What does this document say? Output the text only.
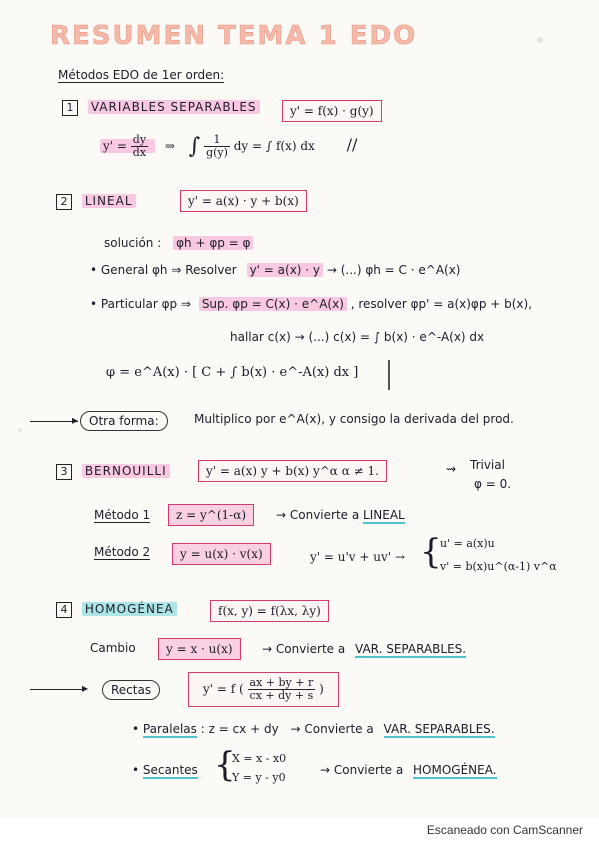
RESUMEN TEMA 1 EDO
Métodos EDO de 1er orden:
1 VARIABLES SEPARABLES	y' = f(x) · g(y)
$y' = \frac{dy}{dx}$ ⇒ ∫ $\frac{1}{g(y)}$ dy = ∫ f(x) dx //
2 LINEAL	y' = a(x) · y + b(x)
solución : φh + φp = φ
• General φh ⇒ Resolver y' = a(x) · y → (...) φh = C · e^A(x)
• Particular φp ⇒ Sup. φp = C(x) · e^A(x) , resolver φp' = a(x)φp + b(x),
hallar c(x) → (...) c(x) = ∫ b(x) · e^-A(x) dx
φ = e^A(x) · [ C + ∫ b(x) · e^-A(x) dx ]
▸ Otra forma:	Multiplico por e^A(x), y consigo la derivada del prod.
3 BERNOUILLI	y' = a(x) y + b(x) y^α α ≠ 1.	⇝ Trivial
φ = 0.
Método 1	z = y^(1-α)	→ Convierte a LINEAL
Método 2	y = u(x) · v(x)	y' = u'v + uv' → {
u' = a(x)u
v' = b(x)u^(α-1) v^α
4 HOMOGÉNEA	f(x, y) = f(λx, λy)
Cambio	y = x · u(x)	→ Convierte a VAR. SEPARABLES.
▸	Rectas	y' = f ( $\frac{ax + by + r}{cx + dy + s}$ )
• Paralelas : z = cx + dy → Convierte a VAR. SEPARABLES.
• Secantes {
X = x - x0
Y = y - y0
→ Convierte a HOMOGÉNEA.
Escaneado con CamScanner
